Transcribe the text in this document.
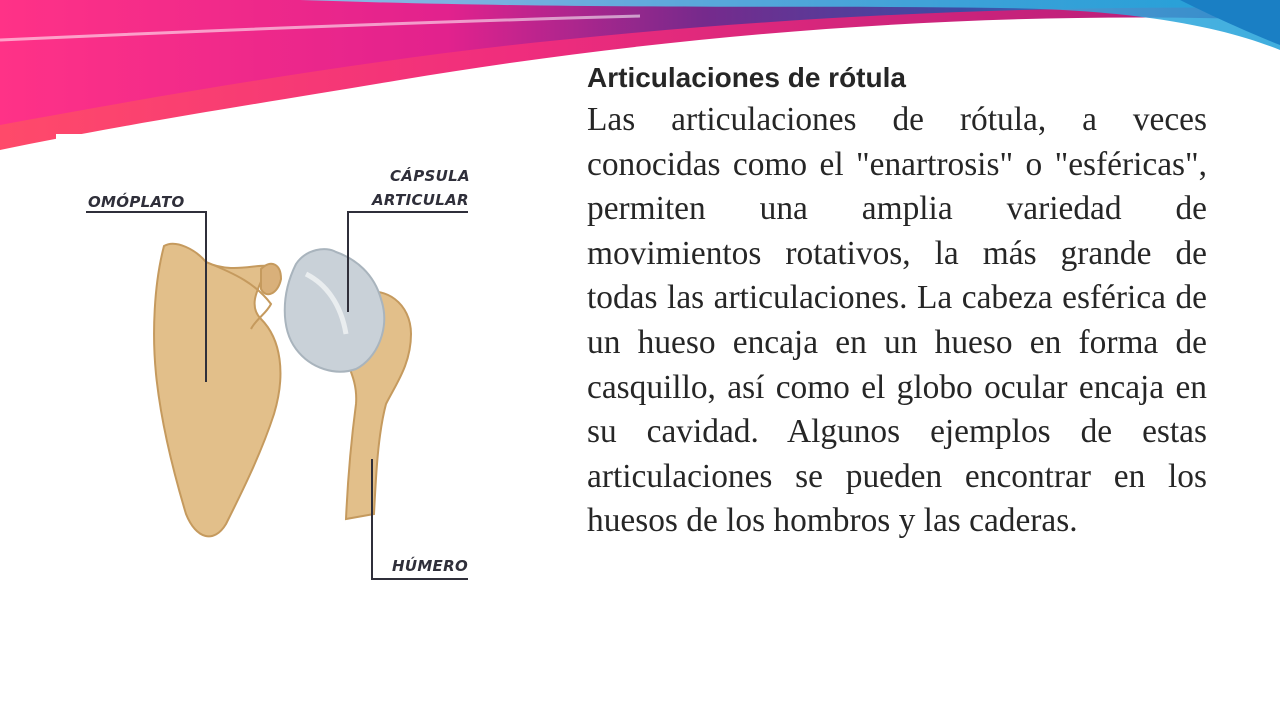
OMÓPLATO
CÁPSULA
ARTICULAR
HÚMERO
Articulaciones de rótula

Las articulaciones de rótula, a veces conocidas como el "enartrosis" o "esféricas", permiten una amplia variedad de movimientos rotativos, la más grande de todas las articulaciones. La cabeza esférica de un hueso encaja en un hueso en forma de casquillo, así como el globo ocular encaja en su cavidad. Algunos ejemplos de estas articulaciones se pueden encontrar en los huesos de los hombros y las caderas.
